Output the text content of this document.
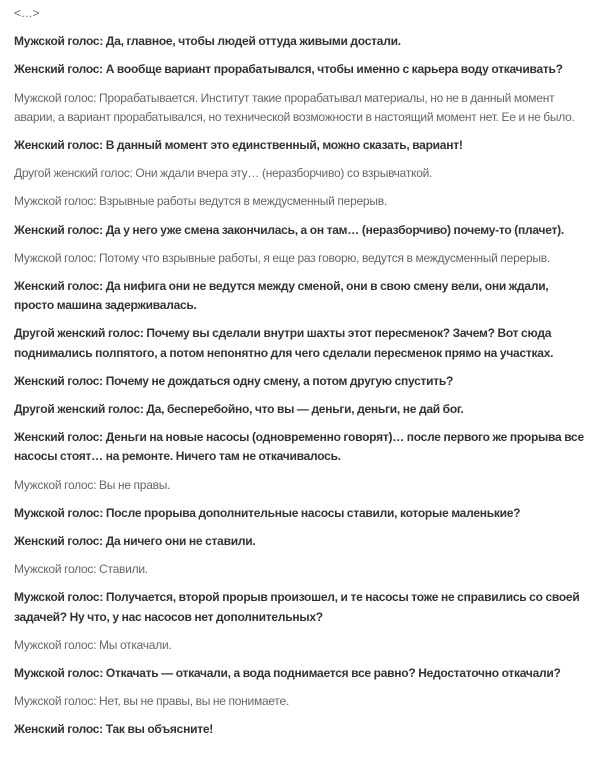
<…>

Мужской голос: Да, главное, чтобы людей оттуда живыми достали.

Женский голос: А вообще вариант прорабатывался, чтобы именно с карьера воду откачивать?

Мужской голос: Прорабатывается. Институт такие прорабатывал материалы, но не в данный момент аварии, а вариант прорабатывался, но технической возможности в настоящий момент нет. Ее и не было.

Женский голос: В данный момент это единственный, можно сказать, вариант!

Другой женский голос: Они ждали вчера эту… (неразборчиво) со взрывчаткой.

Мужской голос: Взрывные работы ведутся в междусменный перерыв.

Женский голос: Да у него уже смена закончилась, а он там… (неразборчиво) почему-то (плачет).

Мужской голос: Потому что взрывные работы, я еще раз говорю, ведутся в междусменный перерыв.

Женский голос: Да нифига они не ведутся между сменой, они в свою смену вели, они ждали, просто машина задерживалась.

Другой женский голос: Почему вы сделали внутри шахты этот пересменок? Зачем? Вот сюда поднимались полпятого, а потом непонятно для чего сделали пересменок прямо на участках.

Женский голос: Почему не дождаться одну смену, а потом другую спустить?

Другой женский голос: Да, бесперебойно, что вы — деньги, деньги, не дай бог.

Женский голос: Деньги на новые насосы (одновременно говорят)… после первого же прорыва все насосы стоят… на ремонте. Ничего там не откачивалось.

Мужской голос: Вы не правы.

Мужской голос: После прорыва дополнительные насосы ставили, которые маленькие?

Женский голос: Да ничего они не ставили.

Мужской голос: Ставили.

Мужской голос: Получается, второй прорыв произошел, и те насосы тоже не справились со своей задачей? Ну что, у нас насосов нет дополнительных?

Мужской голос: Мы откачали.

Мужской голос: Откачать — откачали, а вода поднимается все равно? Недостаточно откачали?

Мужской голос: Нет, вы не правы, вы не понимаете.

Женский голос: Так вы объясните!
